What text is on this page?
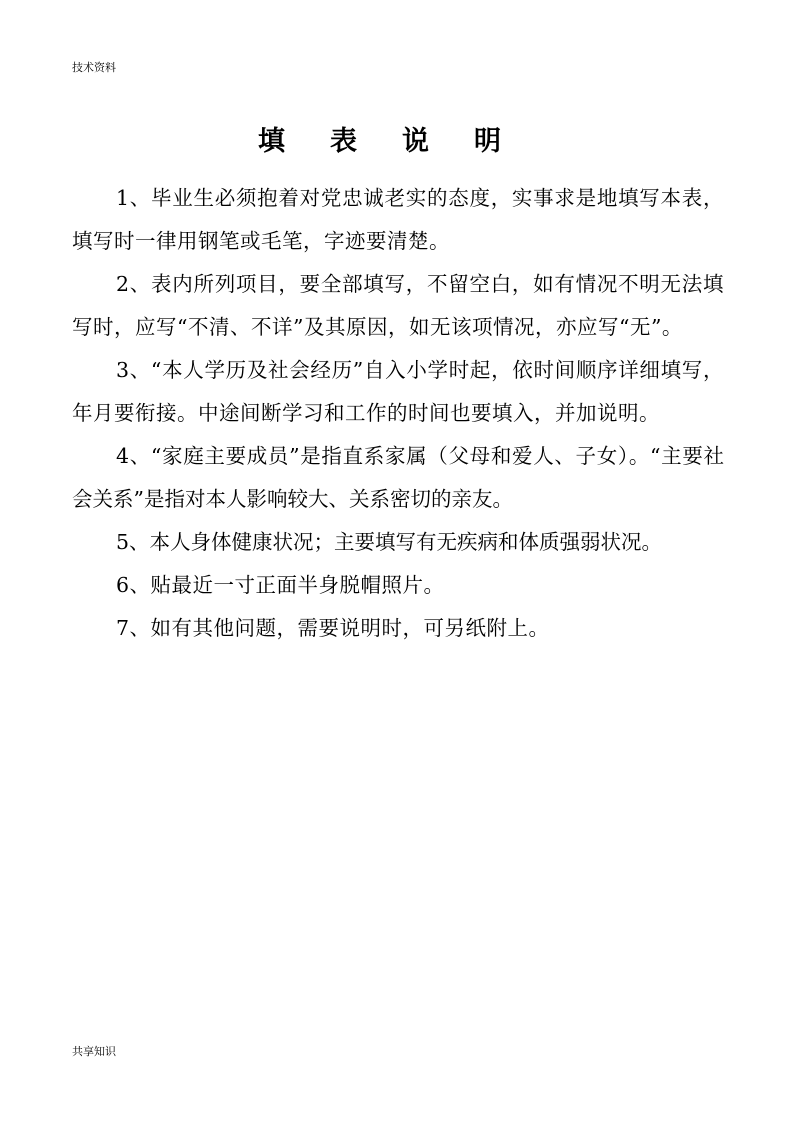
技术资料
填表说明

1、毕业生必须抱着对党忠诚老实的态度，实事求是地填写本表，填写时一律用钢笔或毛笔，字迹要清楚。

2、表内所列项目，要全部填写，不留空白，如有情况不明无法填写时，应写“不清、不详”及其原因，如无该项情况，亦应写“无”。

3、“本人学历及社会经历”自入小学时起，依时间顺序详细填写，年月要衔接。中途间断学习和工作的时间也要填入，并加说明。

4、“家庭主要成员”是指直系家属（父母和爱人、子女）。“主要社会关系”是指对本人影响较大、关系密切的亲友。

5、本人身体健康状况；主要填写有无疾病和体质强弱状况。

6、贴最近一寸正面半身脱帽照片。

7、如有其他问题，需要说明时，可另纸附上。

共享知识
